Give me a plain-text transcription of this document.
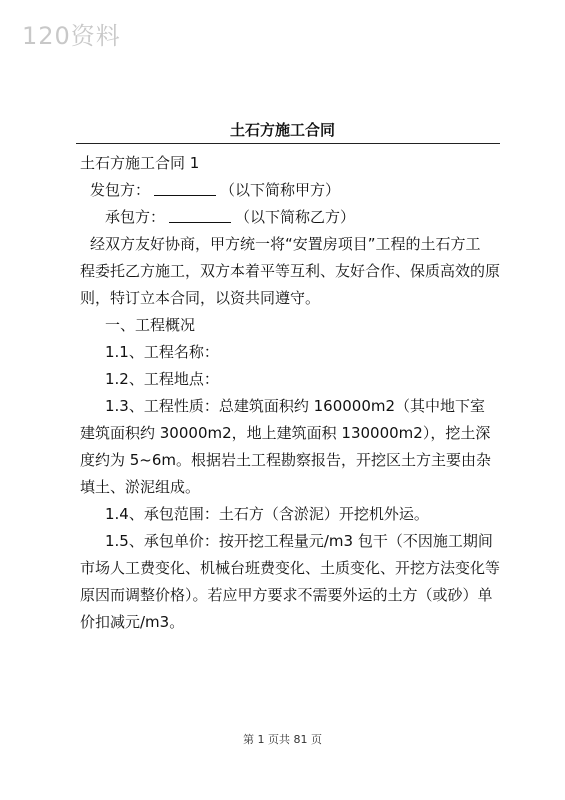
120资料
土石方施工合同

土石方施工合同 1

发包方：	（以下简称甲方）

承包方：	（以下简称乙方）

经双方友好协商，甲方统一将“安置房项目”工程的土石方工

程委托乙方施工，双方本着平等互利、友好合作、保质高效的原

则，特订立本合同，以资共同遵守。

一、工程概况

1.1、工程名称：

1.2、工程地点：

1.3、工程性质：总建筑面积约 160000m2（其中地下室

建筑面积约 30000m2，地上建筑面积 130000m2），挖土深

度约为 5~6m。根据岩土工程勘察报告，开挖区土方主要由杂

填土、淤泥组成。

1.4、承包范围：土石方（含淤泥）开挖机外运。

1.5、承包单价：按开挖工程量元/m3 包干（不因施工期间

市场人工费变化、机械台班费变化、土质变化、开挖方法变化等

原因而调整价格）。若应甲方要求不需要外运的土方（或砂）单

价扣减元/m3。

第 1 页共 81 页
